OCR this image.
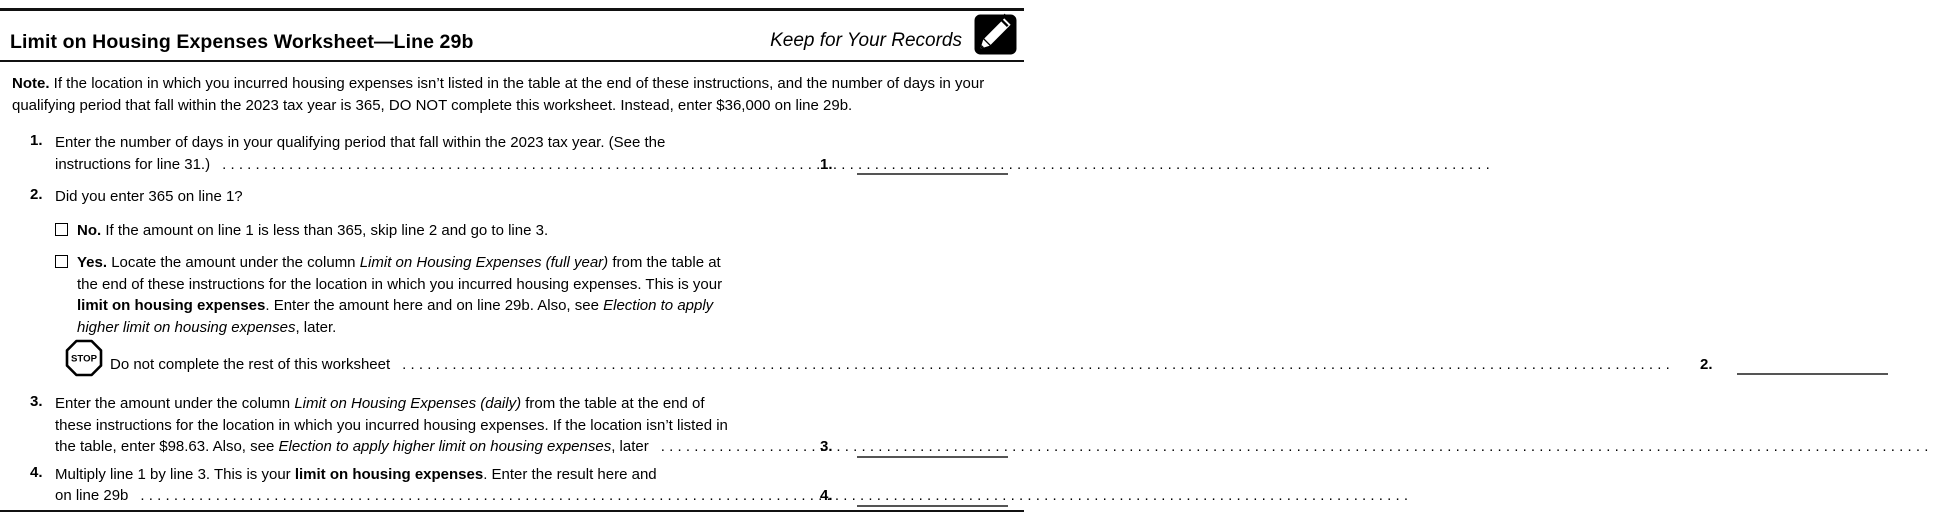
Limit on Housing Expenses Worksheet—Line 29b	Keep for Your Records

Note. If the location in which you incurred housing expenses isn’t listed in the table at the end of these instructions, and the number of days in your qualifying period that fall within the 2023 tax year is 365, DO NOT complete this worksheet. Instead, enter $36,000 on line 29b.

1. Enter the number of days in your qualifying period that fall within the 2023 tax year. (See the
instructions for line 31.) .....	1.
2. Did you enter 365 on line 1?
No. If the amount on line 1 is less than 365, skip line 2 and go to line 3.
Yes. Locate the amount under the column Limit on Housing Expenses (full year) from the table at
the end of these instructions for the location in which you incurred housing expenses. This is your
limit on housing expenses. Enter the amount here and on line 29b. Also, see Election to apply
higher limit on housing expenses, later.
STOP Do not complete the rest of this worksheet .....	2.
3. Enter the amount under the column Limit on Housing Expenses (daily) from the table at the end of
these instructions for the location in which you incurred housing expenses. If the location isn’t listed in
the table, enter $98.63. Also, see Election to apply higher limit on housing expenses, later .....	3.
4. Multiply line 1 by line 3. This is your limit on housing expenses. Enter the result here and
on line 29b .....	4.
